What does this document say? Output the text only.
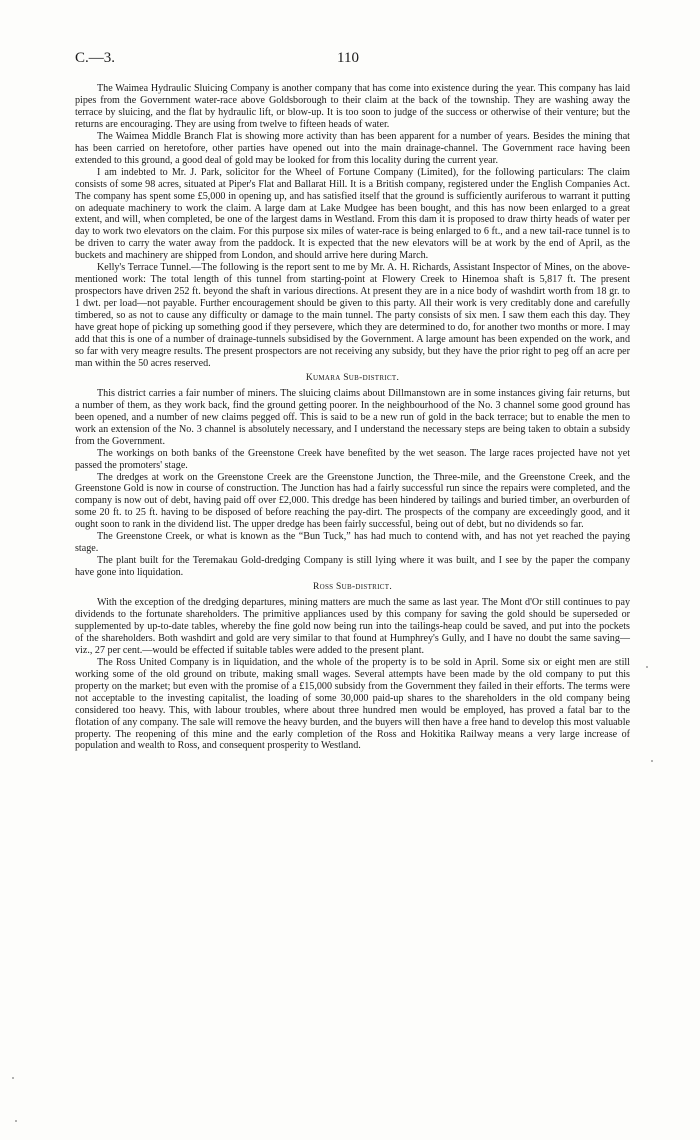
C.—3.	110

The Waimea Hydraulic Sluicing Company is another company that has come into existence during the year. This company has laid pipes from the Government water-race above Goldsborough to their claim at the back of the township. They are washing away the terrace by sluicing, and the flat by hydraulic lift, or blow-up. It is too soon to judge of the success or otherwise of their venture; but the returns are encouraging. They are using from twelve to fifteen heads of water.

The Waimea Middle Branch Flat is showing more activity than has been apparent for a number of years. Besides the mining that has been carried on heretofore, other parties have opened out into the main drainage-channel. The Government race having been extended to this ground, a good deal of gold may be looked for from this locality during the current year.

I am indebted to Mr. J. Park, solicitor for the Wheel of Fortune Company (Limited), for the following particulars: The claim consists of some 98 acres, situated at Piper's Flat and Ballarat Hill. It is a British company, registered under the English Companies Act. The company has spent some £5,000 in opening up, and has satisfied itself that the ground is sufficiently auriferous to warrant it putting on adequate machinery to work the claim. A large dam at Lake Mudgee has been bought, and this has now been enlarged to a great extent, and will, when completed, be one of the largest dams in Westland. From this dam it is proposed to draw thirty heads of water per day to work two elevators on the claim. For this purpose six miles of water-race is being enlarged to 6 ft., and a new tail-race tunnel is to be driven to carry the water away from the paddock. It is expected that the new elevators will be at work by the end of April, as the buckets and machinery are shipped from London, and should arrive here during March.

Kelly's Terrace Tunnel.—The following is the report sent to me by Mr. A. H. Richards, Assistant Inspector of Mines, on the above-mentioned work: The total length of this tunnel from starting-point at Flowery Creek to Hinemoa shaft is 5,817 ft. The present prospectors have driven 252 ft. beyond the shaft in various directions. At present they are in a nice body of washdirt worth from 18 gr. to 1 dwt. per load—not payable. Further encouragement should be given to this party. All their work is very creditably done and carefully timbered, so as not to cause any difficulty or damage to the main tunnel. The party consists of six men. I saw them each this day. They have great hope of picking up something good if they persevere, which they are determined to do, for another two months or more. I may add that this is one of a number of drainage-tunnels subsidised by the Government. A large amount has been expended on the work, and so far with very meagre results. The present prospectors are not receiving any subsidy, but they have the prior right to peg off an acre per man within the 50 acres reserved.

Kumara Sub-district.

This district carries a fair number of miners. The sluicing claims about Dillmanstown are in some instances giving fair returns, but a number of them, as they work back, find the ground getting poorer. In the neighbourhood of the No. 3 channel some good ground has been opened, and a number of new claims pegged off. This is said to be a new run of gold in the back terrace; but to enable the men to work an extension of the No. 3 channel is absolutely necessary, and I understand the necessary steps are being taken to obtain a subsidy from the Government.

The workings on both banks of the Greenstone Creek have benefited by the wet season. The large races projected have not yet passed the promoters' stage.

The dredges at work on the Greenstone Creek are the Greenstone Junction, the Three-mile, and the Greenstone Creek, and the Greenstone Gold is now in course of construction. The Junction has had a fairly successful run since the repairs were completed, and the company is now out of debt, having paid off over £2,000. This dredge has been hindered by tailings and buried timber, an overburden of some 20 ft. to 25 ft. having to be disposed of before reaching the pay-dirt. The prospects of the company are exceedingly good, and it ought soon to rank in the dividend list. The upper dredge has been fairly successful, being out of debt, but no dividends so far.

The Greenstone Creek, or what is known as the “Bun Tuck,” has had much to contend with, and has not yet reached the paying stage.

The plant built for the Teremakau Gold-dredging Company is still lying where it was built, and I see by the paper the company have gone into liquidation.

Ross Sub-district.

With the exception of the dredging departures, mining matters are much the same as last year. The Mont d'Or still continues to pay dividends to the fortunate shareholders. The primitive appliances used by this company for saving the gold should be superseded or supplemented by up-to-date tables, whereby the fine gold now being run into the tailings-heap could be saved, and put into the pockets of the shareholders. Both washdirt and gold are very similar to that found at Humphrey's Gully, and I have no doubt the same saving—viz., 27 per cent.—would be effected if suitable tables were added to the present plant.

The Ross United Company is in liquidation, and the whole of the property is to be sold in April. Some six or eight men are still working some of the old ground on tribute, making small wages. Several attempts have been made by the old company to put this property on the market; but even with the promise of a £15,000 subsidy from the Government they failed in their efforts. The terms were not acceptable to the investing capitalist, the loading of some 30,000 paid-up shares to the shareholders in the old company being considered too heavy. This, with labour troubles, where about three hundred men would be employed, has proved a fatal bar to the flotation of any company. The sale will remove the heavy burden, and the buyers will then have a free hand to develop this most valuable property. The reopening of this mine and the early completion of the Ross and Hokitika Railway means a very large increase of population and wealth to Ross, and consequent prosperity to Westland.
